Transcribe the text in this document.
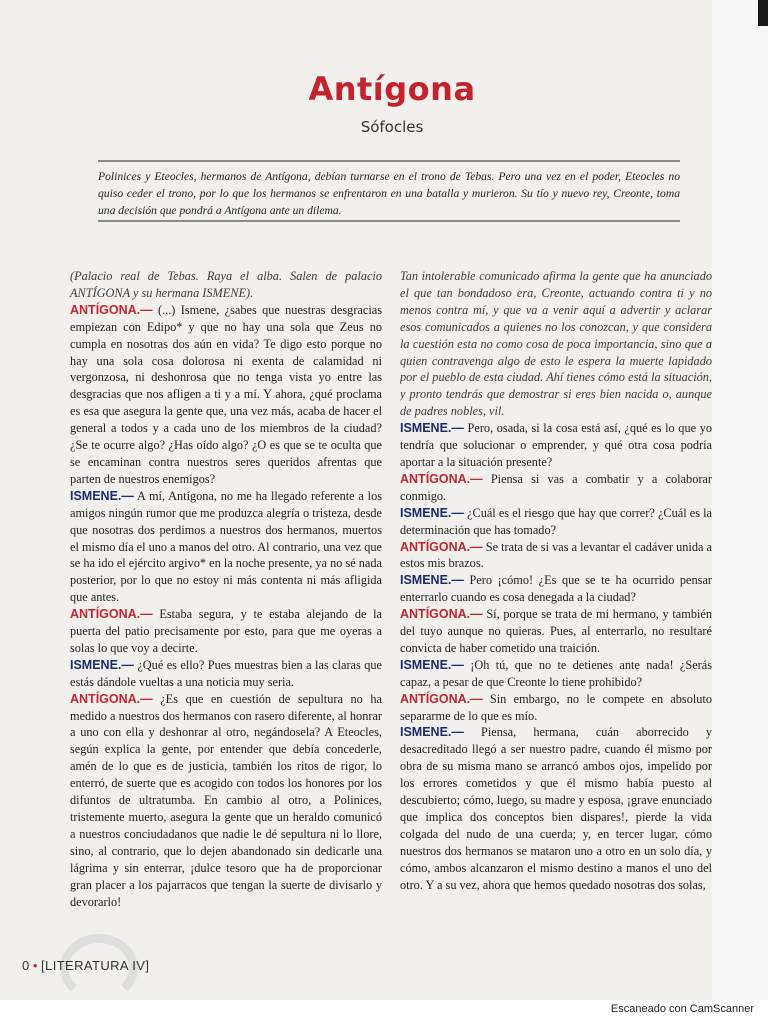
Antígona
Sófocles

Polinices y Eteocles, hermanos de Antígona, debían turnarse en el trono de Tebas. Pero una vez en el poder, Eteocles no quiso ceder el trono, por lo que los hermanos se enfrentaron en una batalla y murieron. Su tío y nuevo rey, Creonte, toma una decisión que pondrá a Antígona ante un dilema.

(Palacio real de Tebas. Raya el alba. Salen de palacio ANTÍGONA y su hermana ISMENE).

ANTÍGONA.— (...) Ismene, ¿sabes que nuestras desgracias empiezan con Edipo* y que no hay una sola que Zeus no cumpla en nosotras dos aún en vida? Te digo esto porque no hay una sola cosa dolorosa ni exenta de calamidad ni vergonzosa, ni deshonrosa que no tenga vista yo entre las desgracias que nos afligen a ti y a mí. Y ahora, ¿qué proclama es esa que asegura la gente que, una vez más, acaba de hacer el general a todos y a cada uno de los miembros de la ciudad? ¿Se te ocurre algo? ¿Has oído algo? ¿O es que se te oculta que se encaminan contra nuestros seres queridos afrentas que parten de nuestros enemigos?

ISMENE.— A mí, Antígona, no me ha llegado referente a los amigos ningún rumor que me produzca alegría o tristeza, desde que nosotras dos perdimos a nuestros dos hermanos, muertos el mismo día el uno a manos del otro. Al contrario, una vez que se ha ido el ejército argivo* en la noche presente, ya no sé nada posterior, por lo que no estoy ni más contenta ni más afligida que antes.

ANTÍGONA.— Estaba segura, y te estaba alejando de la puerta del patio precisamente por esto, para que me oyeras a solas lo que voy a decirte.

ISMENE.— ¿Qué es ello? Pues muestras bien a las claras que estás dándole vueltas a una noticia muy seria.

ANTÍGONA.— ¿Es que en cuestión de sepultura no ha medido a nuestros dos hermanos con rasero diferente, al honrar a uno con ella y deshonrar al otro, negándosela? A Eteocles, según explica la gente, por entender que debía concederle, amén de lo que es de justicia, también los ritos de rigor, lo enterró, de suerte que es acogido con todos los honores por los difuntos de ultratumba. En cambio al otro, a Polinices, tristemente muerto, asegura la gente que un heraldo comunicó a nuestros conciudadanos que nadie le dé sepultura ni lo llore, sino, al contrario, que lo dejen abandonado sin dedicarle una lágrima y sin enterrar, ¡dulce tesoro que ha de proporcionar gran placer a los pajarracos que tengan la suerte de divisarlo y devorarlo!

Tan intolerable comunicado afirma la gente que ha anunciado el que tan bondadoso era, Creonte, actuando contra ti y no menos contra mí, y que va a venir aquí a advertir y aclarar esos comunicados a quienes no los conozcan, y que considera la cuestión esta no como cosa de poca importancia, sino que a quien contravenga algo de esto le espera la muerte lapidado por el pueblo de esta ciudad. Ahí tienes cómo está la situación, y pronto tendrás que demostrar si eres bien nacida o, aunque de padres nobles, vil.

ISMENE.— Pero, osada, si la cosa está así, ¿qué es lo que yo tendría que solucionar o emprender, y qué otra cosa podría aportar a la situación presente?

ANTÍGONA.— Piensa si vas a combatir y a colaborar conmigo.

ISMENE.— ¿Cuál es el riesgo que hay que correr? ¿Cuál es la determinación que has tomado?

ANTÍGONA.— Se trata de si vas a levantar el cadáver unida a estos mis brazos.

ISMENE.— Pero ¡cómo! ¿Es que se te ha ocurrido pensar enterrarlo cuando es cosa denegada a la ciudad?

ANTÍGONA.— Sí, porque se trata de mi hermano, y también del tuyo aunque no quieras. Pues, al enterrarlo, no resultaré convicta de haber cometido una traición.

ISMENE.— ¡Oh tú, que no te detienes ante nada! ¿Serás capaz, a pesar de que Creonte lo tiene prohibido?

ANTÍGONA.— Sin embargo, no le compete en absoluto separarme de lo que es mío.

ISMENE.— Piensa, hermana, cuán aborrecido y desacreditado llegó a ser nuestro padre, cuando él mismo por obra de su misma mano se arrancó ambos ojos, impelido por los errores cometidos y que él mismo había puesto al descubierto; cómo, luego, su madre y esposa, ¡grave enunciado que implica dos conceptos bien dispares!, pierde la vida colgada del nudo de una cuerda; y, en tercer lugar, cómo nuestros dos hermanos se mataron uno a otro en un solo día, y cómo, ambos alcanzaron el mismo destino a manos el uno del otro. Y a su vez, ahora que hemos quedado nosotras dos solas,

0 • [LITERATURA IV]
Escaneado con CamScanner
